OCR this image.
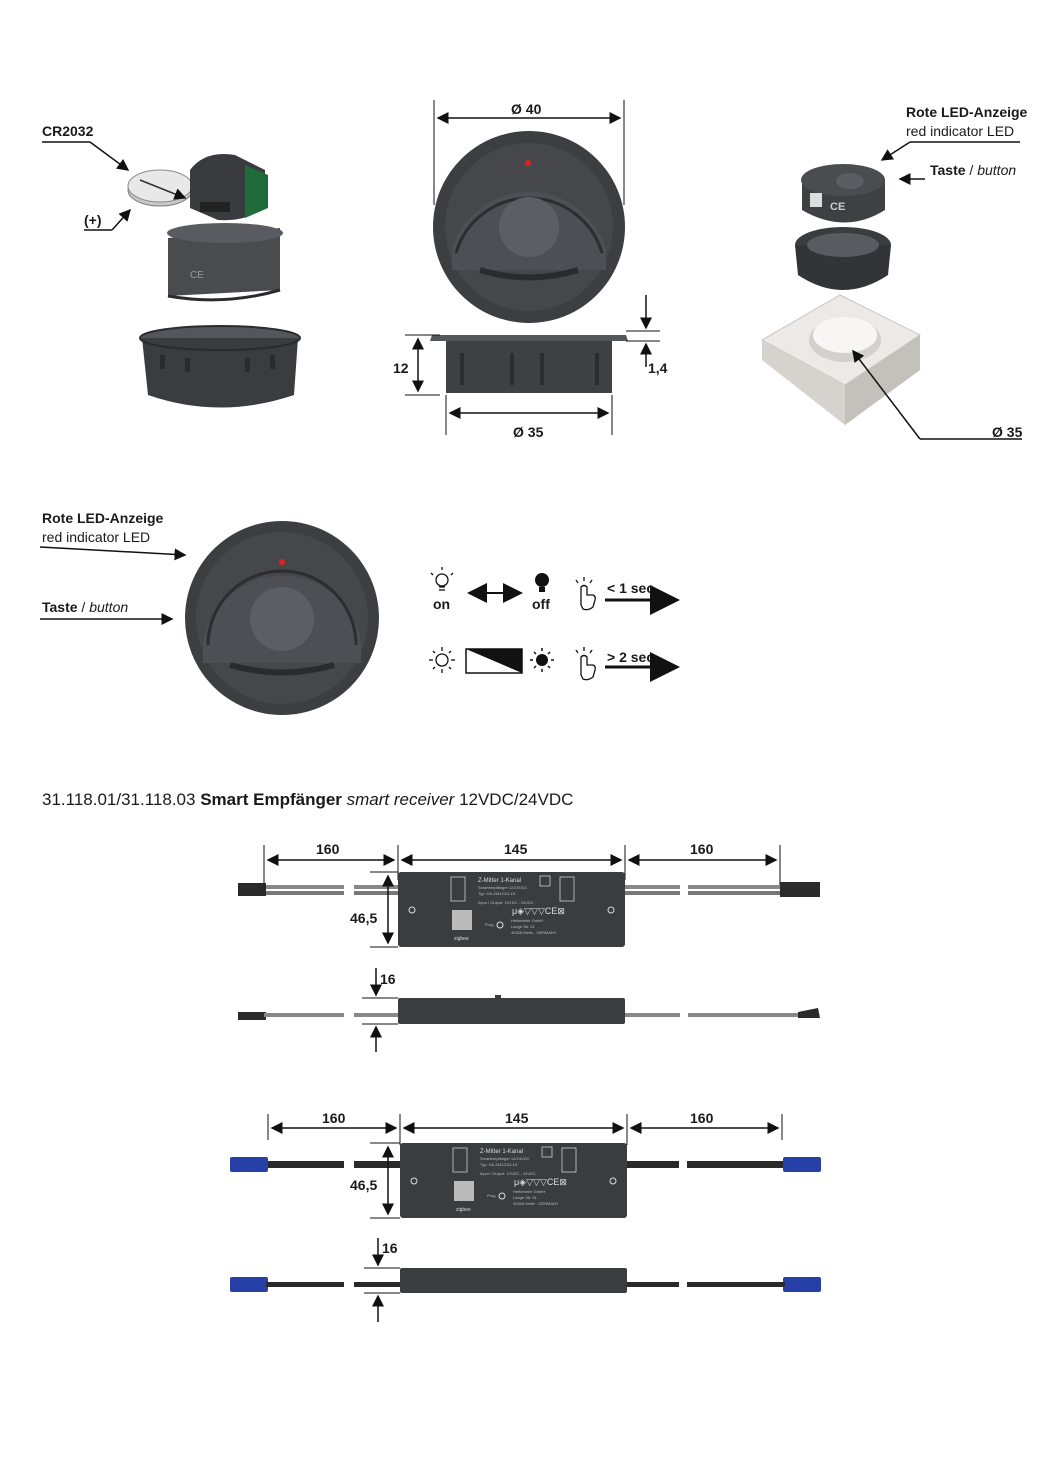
CR2032
(+)
CE
Ø 40
12	1,4
Ø 35
Rote LED-Anzeige
red indicator LED
Taste / button
Ø 35
CE
Rote LED-Anzeige
red indicator LED
Taste / button	on	off
< 1 sec
> 2 sec
31.118.01/31.118.03 Smart Empfänger smart receiver 12VDC/24VDC
160	145	160
46,5
16
160	145	160
46,5
16
Z-Mitter 1-Kanal
Smartempfänger 12/24VDC
Typ: HA-ZM12/24-1K
Input / Output: 12VDC - 24VDC
Prog
Hettemeier GmbH
Lange Str. 51
49326 Melle - GERMANY
zigbee
μ◈▽▽▽CE⊠
Z-Mitter 1-Kanal
Smartempfänger 12/24VDC
Typ: HA-ZM12/24-1K
Input / Output: 12VDC - 24VDC
Prog
Hettemeier GmbH
Lange Str. 51
49326 Melle - GERMANY
zigbee
μ◈▽▽▽CE⊠
